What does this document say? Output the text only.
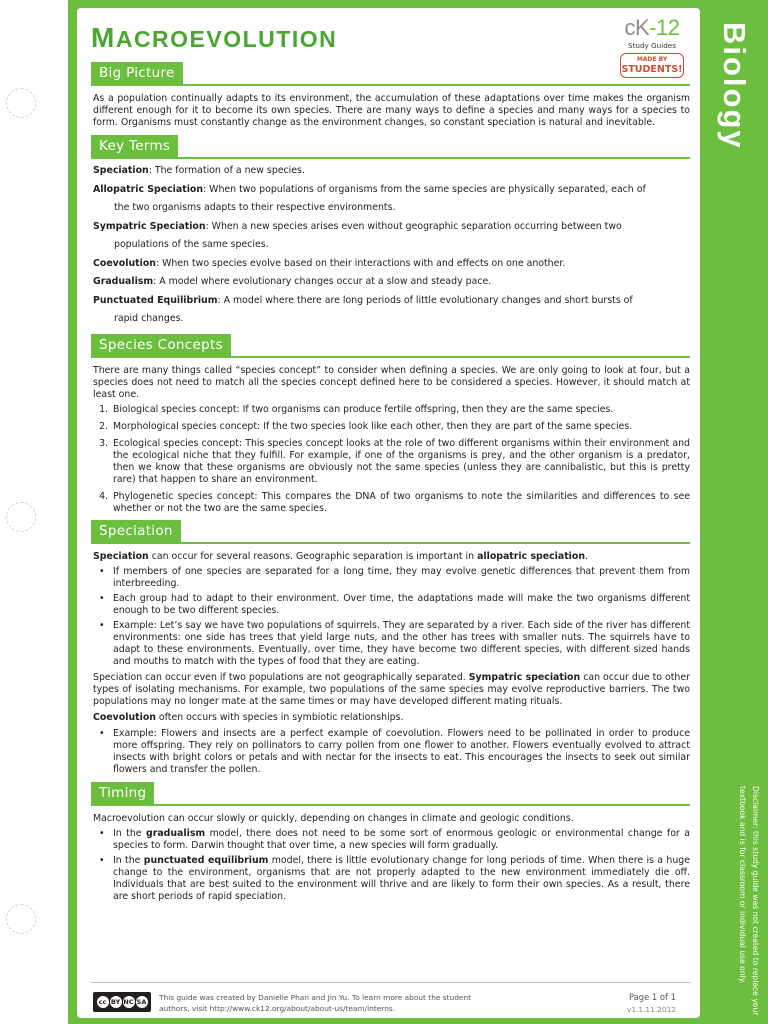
Biology
Disclaimer: this study guide was not created to replace your textbook and is for classroom or individual use only.
MACROEVOLUTION	cK-12
Study Guides
MADE BY
STUDENTS!
Big Picture

As a population continually adapts to its environment, the accumulation of these adaptations over time makes the organism different enough for it to become its own species. There are many ways to define a species and many ways for a species to form. Organisms must constantly change as the environment changes, so constant speciation is natural and inevitable.

Key Terms
Speciation: The formation of a new species.
Allopatric Speciation: When two populations of organisms from the same species are physically separated, each of
the two organisms adapts to their respective environments.
Sympatric Speciation: When a new species arises even without geographic separation occurring between two
populations of the same species.
Coevolution: When two species evolve based on their interactions with and effects on one another.
Gradualism: A model where evolutionary changes occur at a slow and steady pace.
Punctuated Equilibrium: A model where there are long periods of little evolutionary changes and short bursts of
rapid changes.
Species Concepts

There are many things called “species concept” to consider when defining a species. We are only going to look at four, but a species does not need to match all the species concept defined here to be considered a species. However, it should match at least one.

1. Biological species concept: If two organisms can produce fertile offspring, then they are the same species.
2. Morphological species concept: If the two species look like each other, then they are part of the same species.
3. Ecological species concept: This species concept looks at the role of two different organisms within their environment and the ecological niche that they fulfill. For example, if one of the organisms is prey, and the other organism is a predator, then we know that these organisms are obviously not the same species (unless they are cannibalistic, but this is pretty rare) that happen to share an environment.
4. Phylogenetic species concept: This compares the DNA of two organisms to note the similarities and differences to see whether or not the two are the same species.
Speciation

Speciation can occur for several reasons. Geographic separation is important in allopatric speciation.

• If members of one species are separated for a long time, they may evolve genetic differences that prevent them from interbreeding.
• Each group had to adapt to their environment. Over time, the adaptations made will make the two organisms different enough to be two different species.
• Example: Let’s say we have two populations of squirrels. They are separated by a river. Each side of the river has different environments: one side has trees that yield large nuts, and the other has trees with smaller nuts. The squirrels have to adapt to these environments. Eventually, over time, they have become two different species, with different sized hands and mouths to match with the types of food that they are eating.

Speciation can occur even if two populations are not geographically separated. Sympatric speciation can occur due to other types of isolating mechanisms. For example, two populations of the same species may evolve reproductive barriers. The two populations may no longer mate at the same times or may have developed different mating rituals.

Coevolution often occurs with species in symbiotic relationships.

• Example: Flowers and insects are a perfect example of coevolution. Flowers need to be pollinated in order to produce more offspring. They rely on pollinators to carry pollen from one flower to another. Flowers eventually evolved to attract insects with bright colors or petals and with nectar for the insects to eat. This encourages the insects to seek out similar flowers and transfer the pollen.
Timing

Macroevolution can occur slowly or quickly, depending on changes in climate and geologic conditions.

• In the gradualism model, there does not need to be some sort of enormous geologic or environmental change for a species to form. Darwin thought that over time, a new species will form gradually.
• In the punctuated equilibrium model, there is little evolutionary change for long periods of time. When there is a huge change to the environment, organisms that are not properly adapted to the new environment immediately die off. Individuals that are best suited to the environment will thrive and are likely to form their own species. As a result, there are short periods of rapid speciation.
cc BY NC SA This guide was created by Danielle Phan and Jin Yu. To learn more about the student authors, visit http://www.ck12.org/about/about-us/team/interns.
Page 1 of 1
v1.1.11.2012
